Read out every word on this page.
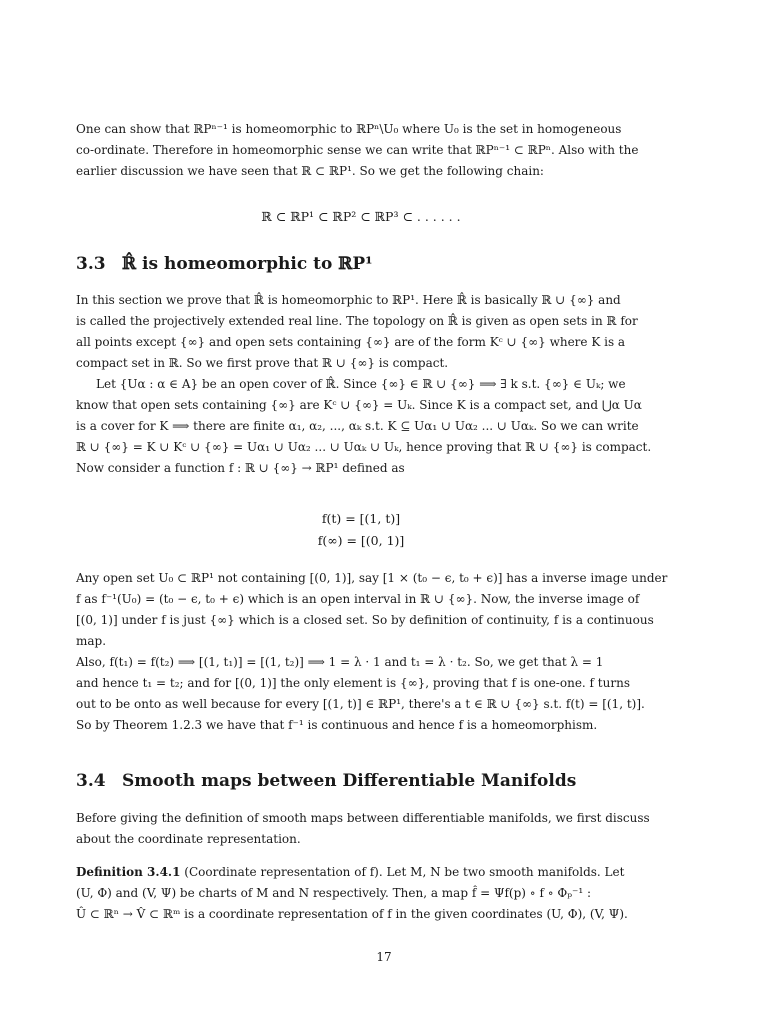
One can show that ℝPⁿ⁻¹ is homeomorphic to ℝPⁿ\U₀ where U₀ is the set in homogeneous
co-ordinate. Therefore in homeomorphic sense we can write that ℝPⁿ⁻¹ ⊂ ℝPⁿ. Also with the
earlier discussion we have seen that ℝ ⊂ ℝP¹. So we get the following chain:

ℝ ⊂ ℝP¹ ⊂ ℝP² ⊂ ℝP³ ⊂ . . . . . .
3.3 ℝ̂ is homeomorphic to ℝP¹

In this section we prove that ℝ̂ is homeomorphic to ℝP¹. Here ℝ̂ is basically ℝ ∪ {∞} and
is called the projectively extended real line. The topology on ℝ̂ is given as open sets in ℝ for
all points except {∞} and open sets containing {∞} are of the form Kᶜ ∪ {∞} where K is a
compact set in ℝ. So we first prove that ℝ ∪ {∞} is compact.

Let {Uα : α ∈ A} be an open cover of ℝ̂. Since {∞} ∈ ℝ ∪ {∞} ⟹ ∃ k s.t. {∞} ∈ Uₖ; we
know that open sets containing {∞} are Kᶜ ∪ {∞} = Uₖ. Since K is a compact set, and ⋃α Uα
is a cover for K ⟹ there are finite α₁, α₂, ..., αₖ s.t. K ⊆ Uα₁ ∪ Uα₂ ... ∪ Uαₖ. So we can write
ℝ ∪ {∞} = K ∪ Kᶜ ∪ {∞} = Uα₁ ∪ Uα₂ ... ∪ Uαₖ ∪ Uₖ, hence proving that ℝ ∪ {∞} is compact.
Now consider a function f : ℝ ∪ {∞} → ℝP¹ defined as

f(t) = [(1, t)]
f(∞) = [(0, 1)]

Any open set U₀ ⊂ ℝP¹ not containing [(0, 1)], say [1 × (t₀ − ϵ, t₀ + ϵ)] has a inverse image under
f as f⁻¹(U₀) = (t₀ − ϵ, t₀ + ϵ) which is an open interval in ℝ ∪ {∞}. Now, the inverse image of
[(0, 1)] under f is just {∞} which is a closed set. So by definition of continuity, f is a continuous
map.

Also, f(t₁) = f(t₂) ⟹ [(1, t₁)] = [(1, t₂)] ⟹ 1 = λ · 1 and t₁ = λ · t₂. So, we get that λ = 1
and hence t₁ = t₂; and for [(0, 1)] the only element is {∞}, proving that f is one-one. f turns
out to be onto as well because for every [(1, t)] ∈ ℝP¹, there's a t ∈ ℝ ∪ {∞} s.t. f(t) = [(1, t)].
So by Theorem 1.2.3 we have that f⁻¹ is continuous and hence f is a homeomorphism.

3.4 Smooth maps between Differentiable Manifolds

Before giving the definition of smooth maps between differentiable manifolds, we first discuss
about the coordinate representation.

Definition 3.4.1 (Coordinate representation of f). Let M, N be two smooth manifolds. Let
(U, Φ) and (V, Ψ) be charts of M and N respectively. Then, a map f̂ = Ψf(p) ∘ f ∘ Φₚ⁻¹ :
Û ⊂ ℝⁿ → V̂ ⊂ ℝᵐ is a coordinate representation of f in the given coordinates (U, Φ), (V, Ψ).

17
